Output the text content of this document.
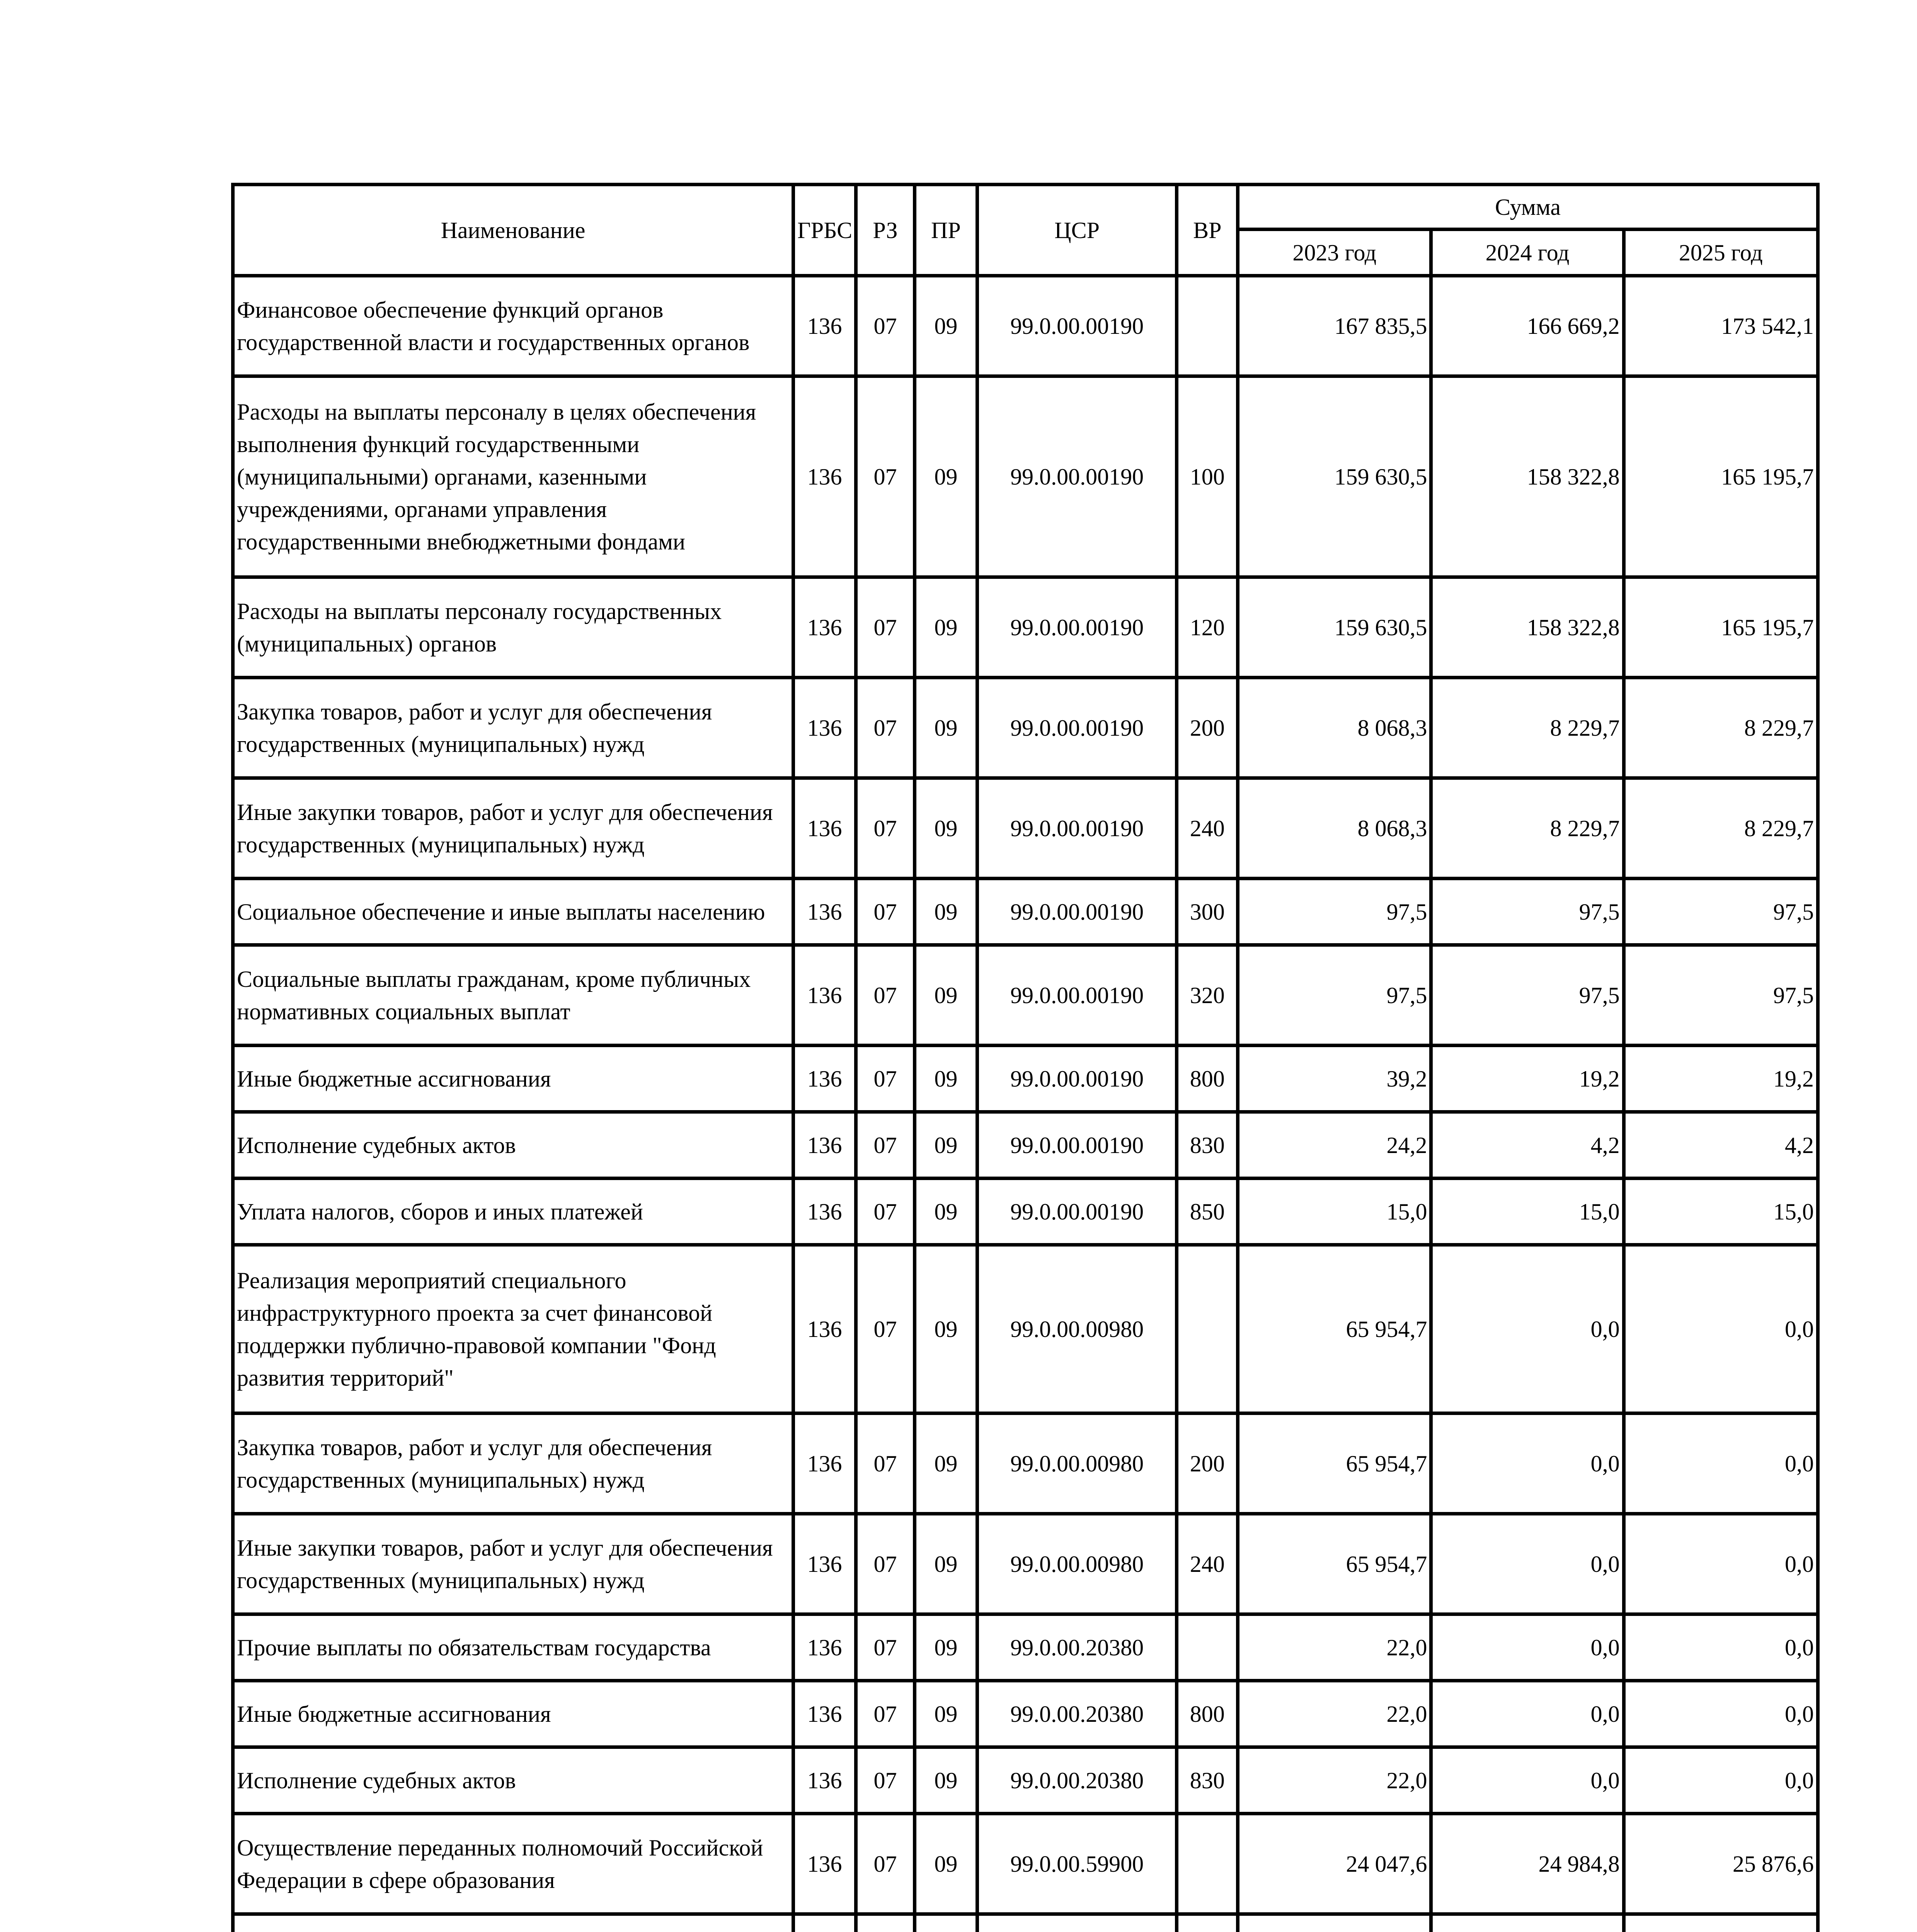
Наименование	ГРБС	РЗ	ПР	ЦСР	ВР	Сумма		
						2023 год	2024 год	2025 год
Финансовое обеспечение функций органов государственной власти и государственных органов	136	07	09	99.0.00.00190		167 835,5	166 669,2	173 542,1
Расходы на выплаты персоналу в целях обеспечения выполнения функций государственными (муниципальными) органами, казенными учреждениями, органами управления государственными внебюджетными фондами	136	07	09	99.0.00.00190	100	159 630,5	158 322,8	165 195,7
Расходы на выплаты персоналу государственных (муниципальных) органов	136	07	09	99.0.00.00190	120	159 630,5	158 322,8	165 195,7
Закупка товаров, работ и услуг для обеспечения государственных (муниципальных) нужд	136	07	09	99.0.00.00190	200	8 068,3	8 229,7	8 229,7
Иные закупки товаров, работ и услуг для обеспечения государственных (муниципальных) нужд	136	07	09	99.0.00.00190	240	8 068,3	8 229,7	8 229,7
Социальное обеспечение и иные выплаты населению	136	07	09	99.0.00.00190	300	97,5	97,5	97,5
Социальные выплаты гражданам, кроме публичных нормативных социальных выплат	136	07	09	99.0.00.00190	320	97,5	97,5	97,5
Иные бюджетные ассигнования	136	07	09	99.0.00.00190	800	39,2	19,2	19,2
Исполнение судебных актов	136	07	09	99.0.00.00190	830	24,2	4,2	4,2
Уплата налогов, сборов и иных платежей	136	07	09	99.0.00.00190	850	15,0	15,0	15,0
Реализация мероприятий специального инфраструктурного проекта за счет финансовой поддержки публично-правовой компании "Фонд развития территорий"	136	07	09	99.0.00.00980		65 954,7	0,0	0,0
Закупка товаров, работ и услуг для обеспечения государственных (муниципальных) нужд	136	07	09	99.0.00.00980	200	65 954,7	0,0	0,0
Иные закупки товаров, работ и услуг для обеспечения государственных (муниципальных) нужд	136	07	09	99.0.00.00980	240	65 954,7	0,0	0,0
Прочие выплаты по обязательствам государства	136	07	09	99.0.00.20380		22,0	0,0	0,0
Иные бюджетные ассигнования	136	07	09	99.0.00.20380	800	22,0	0,0	0,0
Исполнение судебных актов	136	07	09	99.0.00.20380	830	22,0	0,0	0,0
Осуществление переданных полномочий Российской Федерации в сфере образования	136	07	09	99.0.00.59900		24 047,6	24 984,8	25 876,6
